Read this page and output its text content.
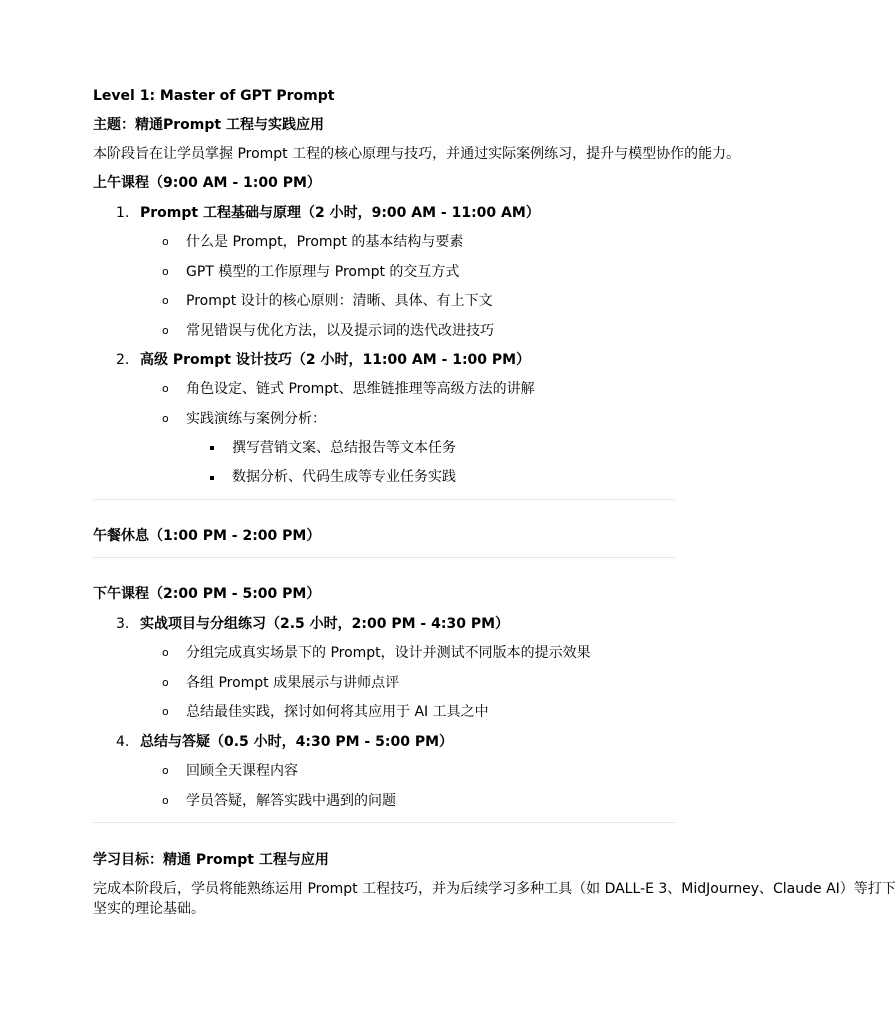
Level 1: Master of GPT Prompt
主题：精通Prompt 工程与实践应用
本阶段旨在让学员掌握 Prompt 工程的核心原理与技巧，并通过实际案例练习，提升与模型协作的能力。
上午课程（9:00 AM - 1:00 PM）
1. Prompt 工程基础与原理（2 小时，9:00 AM - 11:00 AM）
o 什么是 Prompt，Prompt 的基本结构与要素
o GPT 模型的工作原理与 Prompt 的交互方式
o Prompt 设计的核心原则：清晰、具体、有上下文
o 常见错误与优化方法，以及提示词的迭代改进技巧
2. 高级 Prompt 设计技巧（2 小时，11:00 AM - 1:00 PM）
o 角色设定、链式 Prompt、思维链推理等高级方法的讲解
o 实践演练与案例分析：
撰写营销文案、总结报告等文本任务
数据分析、代码生成等专业任务实践
午餐休息（1:00 PM - 2:00 PM）
下午课程（2:00 PM - 5:00 PM）
3. 实战项目与分组练习（2.5 小时，2:00 PM - 4:30 PM）
o 分组完成真实场景下的 Prompt，设计并测试不同版本的提示效果
o 各组 Prompt 成果展示与讲师点评
o 总结最佳实践，探讨如何将其应用于 AI 工具之中
4. 总结与答疑（0.5 小时，4:30 PM - 5:00 PM）
o 回顾全天课程内容
o 学员答疑，解答实践中遇到的问题
学习目标：精通 Prompt 工程与应用
完成本阶段后，学员将能熟练运用 Prompt 工程技巧，并为后续学习多种工具（如 DALL-E 3、MidJourney、Claude AI）等打下
坚实的理论基础。
